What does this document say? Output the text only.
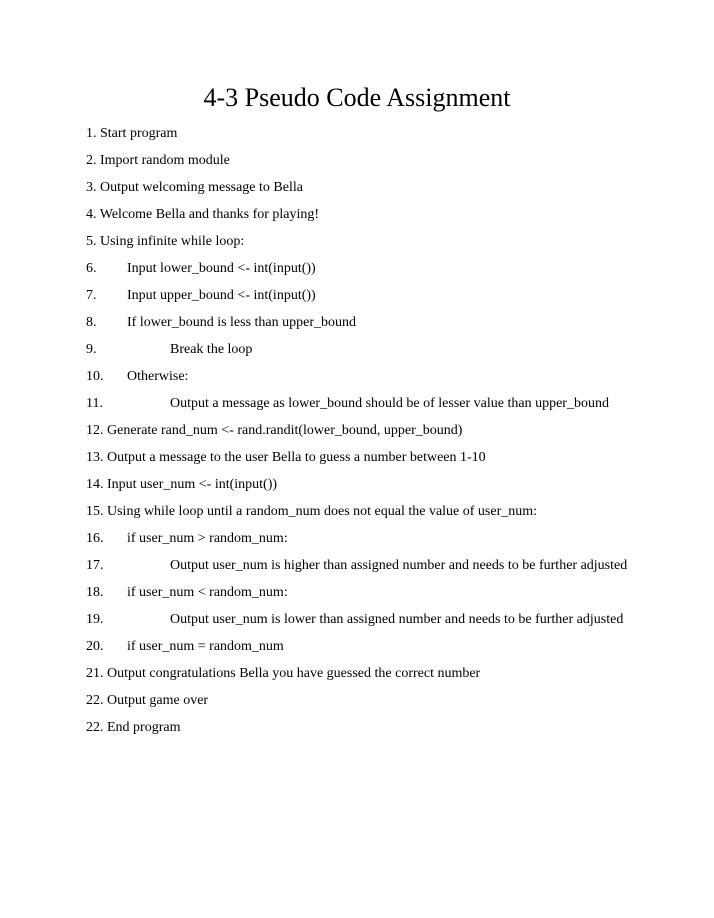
4-3 Pseudo Code Assignment
1. Start program
2. Import random module
3. Output welcoming message to Bella
4. Welcome Bella and thanks for playing!
5. Using infinite while loop:
6. Input lower_bound <- int(input())
7. Input upper_bound <- int(input())
8. If lower_bound is less than upper_bound
9.	Break the loop
10. Otherwise:
11.	Output a message as lower_bound should be of lesser value than upper_bound
12. Generate rand_num <- rand.randit(lower_bound, upper_bound)
13. Output a message to the user Bella to guess a number between 1-10
14. Input user_num <- int(input())
15. Using while loop until a random_num does not equal the value of user_num:
16. if user_num > random_num:
17.	Output user_num is higher than assigned number and needs to be further adjusted
18. if user_num < random_num:
19.	Output user_num is lower than assigned number and needs to be further adjusted
20. if user_num = random_num
21. Output congratulations Bella you have guessed the correct number
22. Output game over
22. End program
